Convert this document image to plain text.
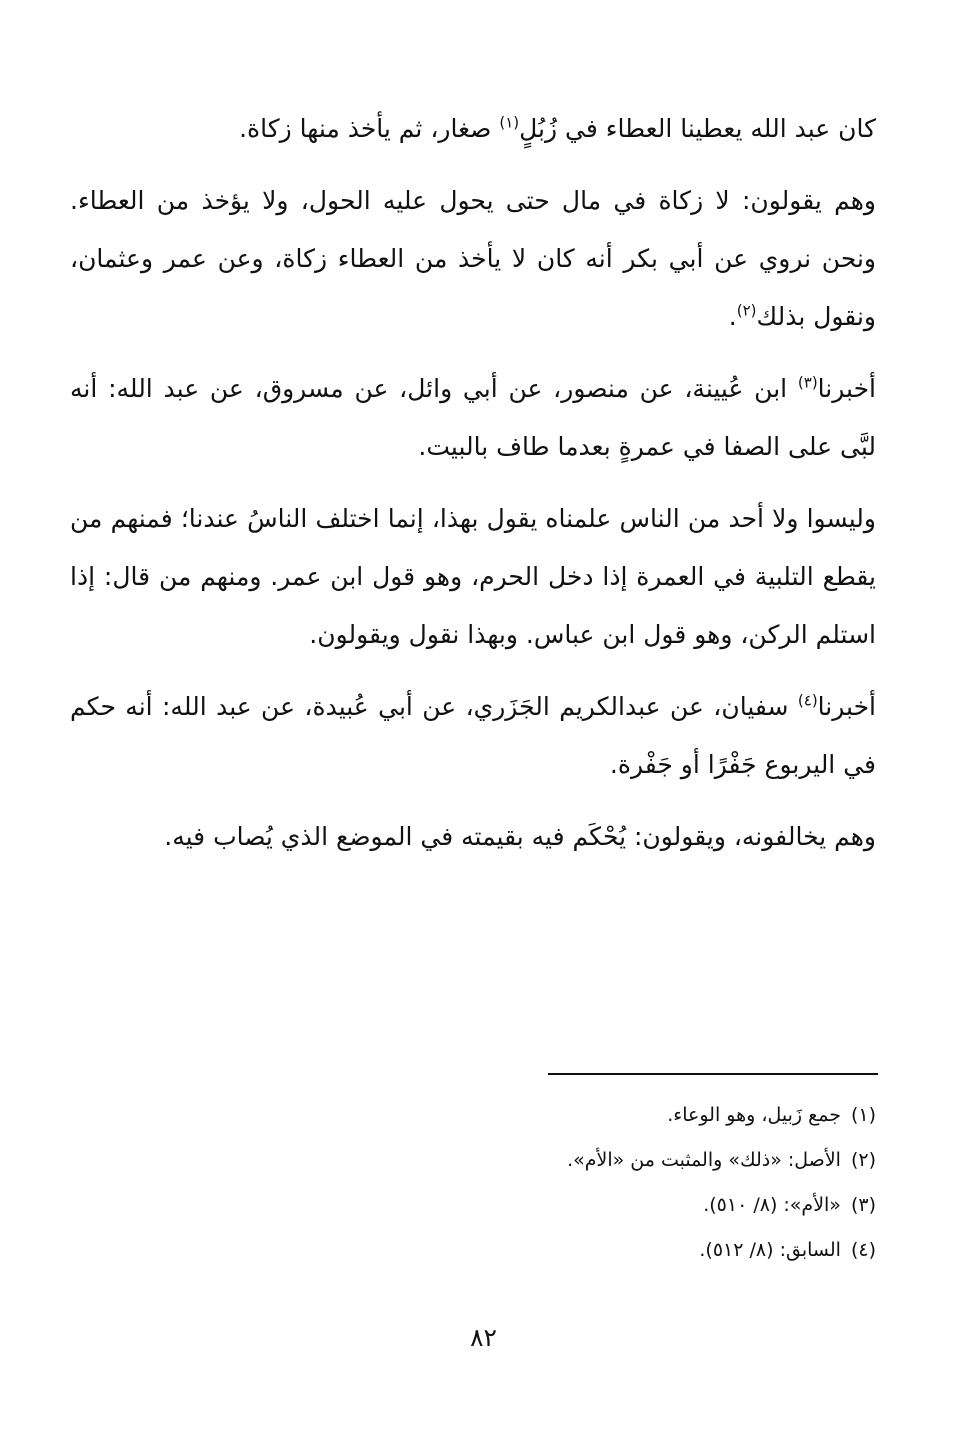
كان عبد الله يعطينا العطاء في زُبُلٍ$^{(١)}$ صغار، ثم يأخذ منها زكاة.

وهم يقولون: لا زكاة في مال حتى يحول عليه الحول، ولا يؤخذ من العطاء. ونحن نروي عن أبي بكر أنه كان لا يأخذ من العطاء زكاة، وعن عمر وعثمان، ونقول بذلك$^{(٢)}$.

أخبرنا$^{(٣)}$ ابن عُيينة، عن منصور، عن أبي وائل، عن مسروق، عن عبد الله: أنه لبَّى على الصفا في عمرةٍ بعدما طاف بالبيت.

وليسوا ولا أحد من الناس علمناه يقول بهذا، إنما اختلف الناسُ عندنا؛ فمنهم من يقطع التلبية في العمرة إذا دخل الحرم، وهو قول ابن عمر. ومنهم من قال: إذا استلم الركن، وهو قول ابن عباس. وبهذا نقول ويقولون.

أخبرنا$^{(٤)}$ سفيان، عن عبدالكريم الجَزَري، عن أبي عُبيدة، عن عبد الله: أنه حكم في اليربوع جَفْرًا أو جَفْرة.

وهم يخالفونه، ويقولون: يُحْكَم فيه بقيمته في الموضع الذي يُصاب فيه.

(١)جمع زَبيل، وهو الوعاء.

(٢)الأصل: «ذلك» والمثبت من «الأم».

(٣)«الأم»: (٨/ ٥١٠).

(٤)السابق: (٨/ ٥١٢).

٨٢
